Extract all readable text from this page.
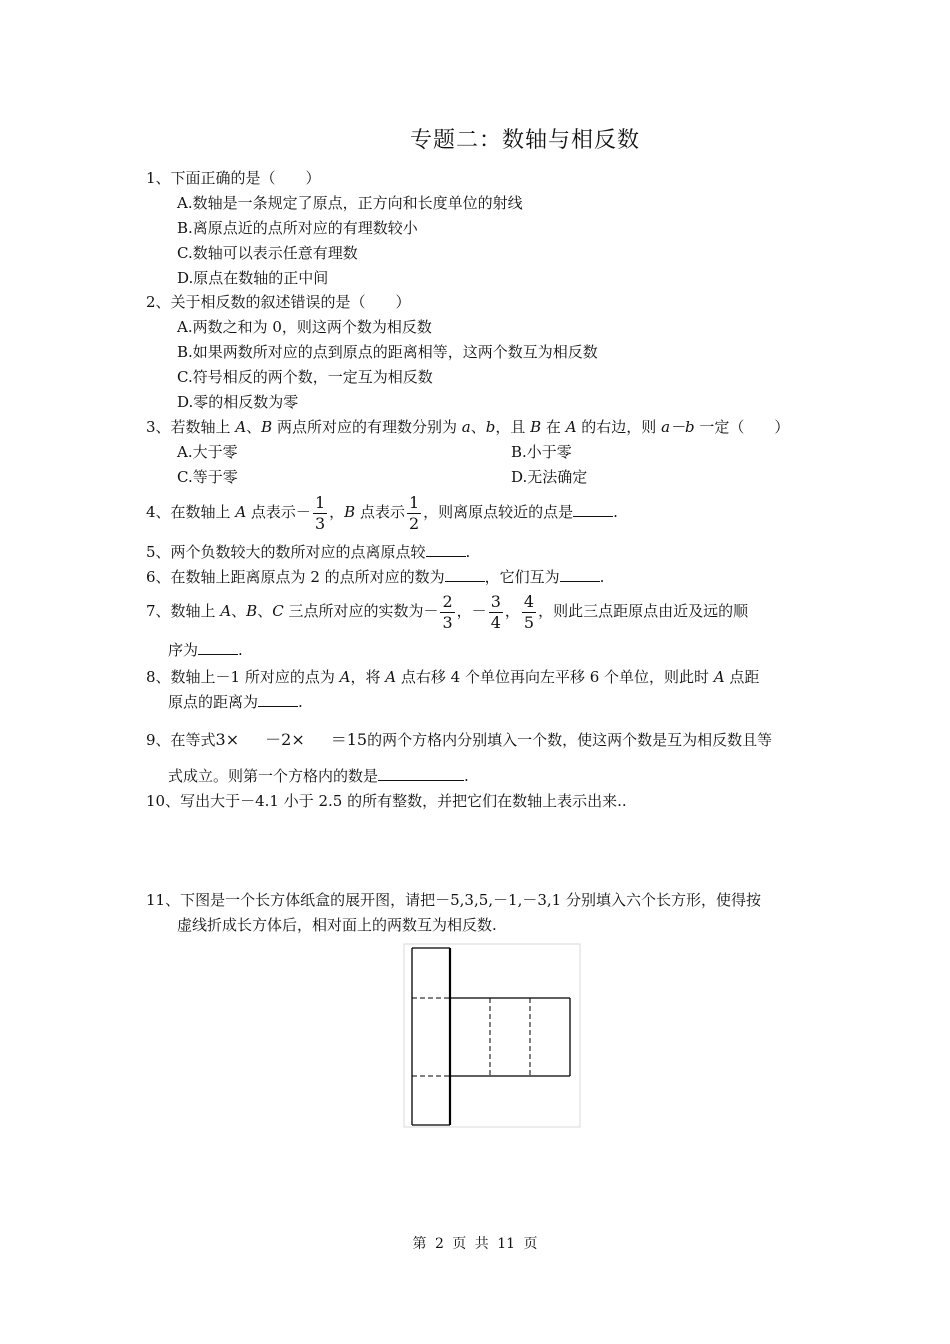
专题二：数轴与相反数
1、下面正确的是（　　）
A.数轴是一条规定了原点，正方向和长度单位的射线
B.离原点近的点所对应的有理数较小
C.数轴可以表示任意有理数
D.原点在数轴的正中间
2、关于相反数的叙述错误的是（　　）
A.两数之和为 0，则这两个数为相反数
B.如果两数所对应的点到原点的距离相等，这两个数互为相反数
C.符号相反的两个数，一定互为相反数
D.零的相反数为零
3、若数轴上 A、B 两点所对应的有理数分别为 a、b，且 B 在 A 的右边，则 a－b 一定（　　）
A.大于零	B.小于零
C.等于零	D.无法确定
4、在数轴上 A 点表示－ $\frac{1}{3}$ ，B 点表示 $\frac{1}{2}$ ，则离原点较近的点是	.
5、两个负数较大的数所对应的点离原点较	.
6、在数轴上距离原点为 2 的点所对应的数为	，它们互为	.
7、数轴上 A、B、C 三点所对应的实数为－ $\frac{2}{3}$ ，－ $\frac{3}{4}$ ， $\frac{4}{5}$ ，则此三点距原点由近及远的顺
序为	.
8、数轴上－1 所对应的点为 A，将 A 点右移 4 个单位再向左平移 6 个单位，则此时 A 点距
原点的距离为	.
9、在等式3× －2× ＝15的两个方格内分别填入一个数，使这两个数是互为相反数且等
式成立。则第一个方格内的数是	.
10、写出大于－4.1 小于 2.5 的所有整数，并把它们在数轴上表示出来..
11、下图是一个长方体纸盒的展开图，请把－5,3,5,－1,－3,1 分别填入六个长方形，使得按
虚线折成长方体后，相对面上的两数互为相反数.
第 2 页 共 11 页
